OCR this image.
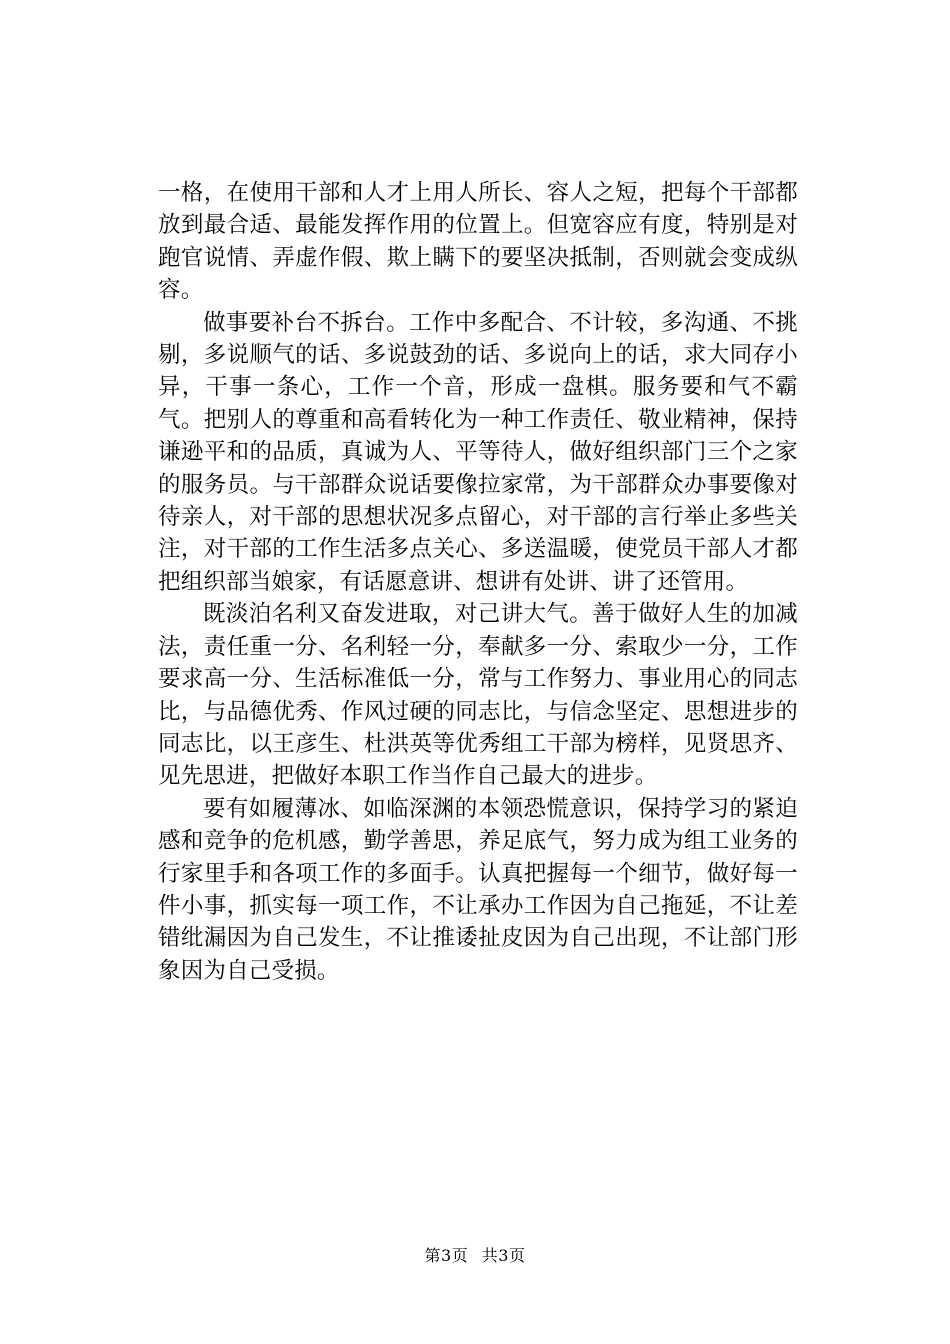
一格，在使用干部和人才上用人所长、容人之短，把每个干部都放到最合适、最能发挥作用的位置上。但宽容应有度，特别是对跑官说情、弄虚作假、欺上瞒下的要坚决抵制，否则就会变成纵容。

做事要补台不拆台。工作中多配合、不计较，多沟通、不挑剔，多说顺气的话、多说鼓劲的话、多说向上的话，求大同存小异，干事一条心，工作一个音，形成一盘棋。服务要和气不霸气。把别人的尊重和高看转化为一种工作责任、敬业精神，保持谦逊平和的品质，真诚为人、平等待人，做好组织部门三个之家的服务员。与干部群众说话要像拉家常，为干部群众办事要像对待亲人，对干部的思想状况多点留心，对干部的言行举止多些关注，对干部的工作生活多点关心、多送温暖，使党员干部人才都把组织部当娘家，有话愿意讲、想讲有处讲、讲了还管用。

既淡泊名利又奋发进取，对己讲大气。善于做好人生的加减法，责任重一分、名利轻一分，奉献多一分、索取少一分，工作要求高一分、生活标准低一分，常与工作努力、事业用心的同志比，与品德优秀、作风过硬的同志比，与信念坚定、思想进步的同志比，以王彦生、杜洪英等优秀组工干部为榜样，见贤思齐、见先思进，把做好本职工作当作自己最大的进步。

要有如履薄冰、如临深渊的本领恐慌意识，保持学习的紧迫感和竞争的危机感，勤学善思，养足底气，努力成为组工业务的行家里手和各项工作的多面手。认真把握每一个细节，做好每一件小事，抓实每一项工作，不让承办工作因为自己拖延，不让差错纰漏因为自己发生，不让推诿扯皮因为自己出现，不让部门形象因为自己受损。

第3页 共3页
